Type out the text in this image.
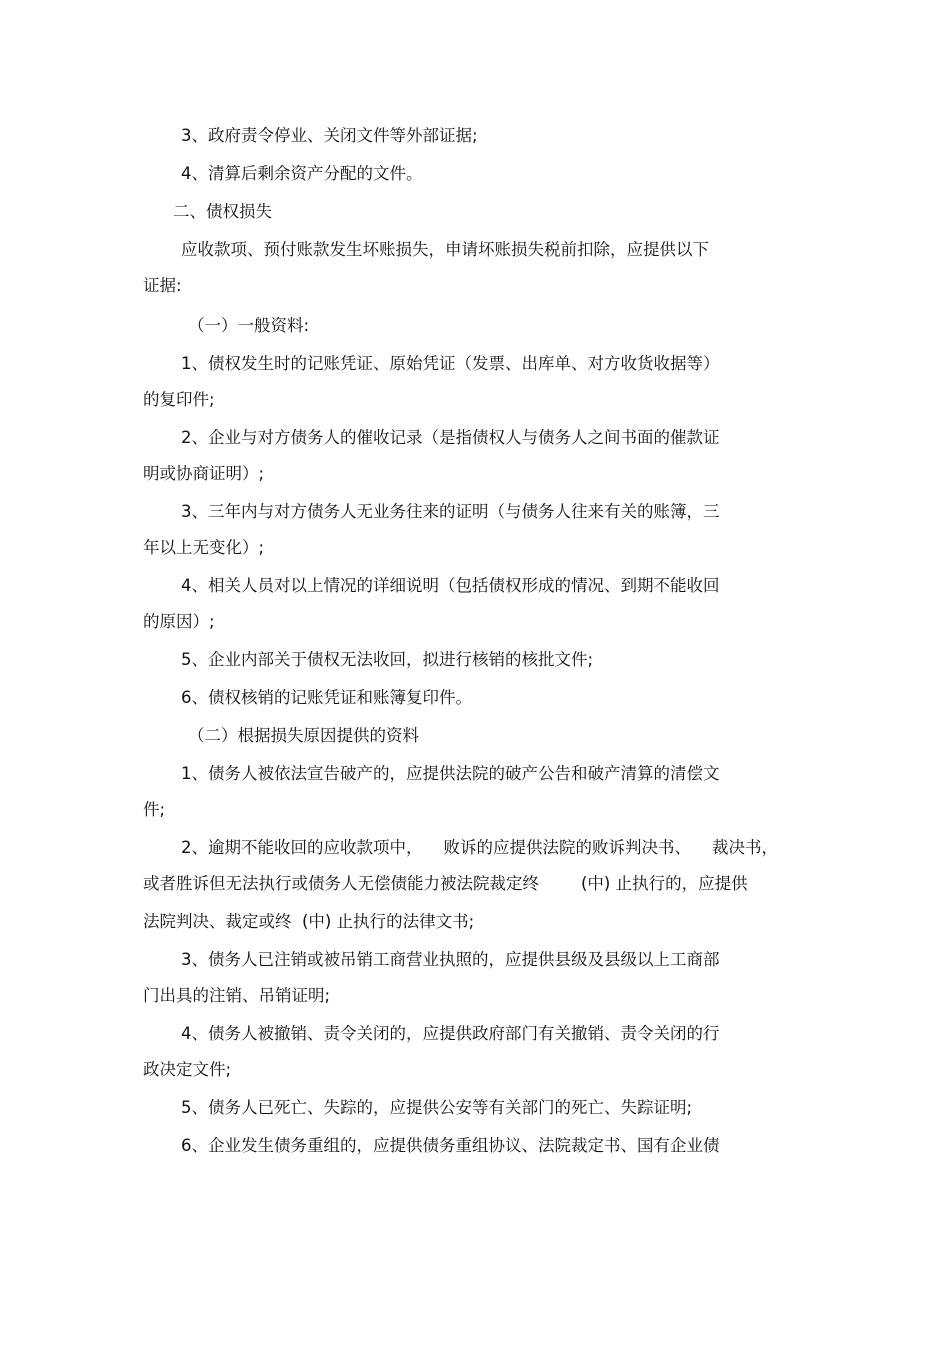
3、政府责令停业、关闭文件等外部证据;

4、清算后剩余资产分配的文件。

二、债权损失

应收款项、预付账款发生坏账损失，申请坏账损失税前扣除，应提供以下

证据:

（一）一般资料:

1、债权发生时的记账凭证、原始凭证（发票、出库单、对方收货收据等）

的复印件;

2、企业与对方债务人的催收记录（是指债权人与债务人之间书面的催款证

明或协商证明）;

3、三年内与对方债务人无业务往来的证明（与债务人往来有关的账簿，三

年以上无变化）;

4、相关人员对以上情况的详细说明（包括债权形成的情况、到期不能收回

的原因）;

5、企业内部关于债权无法收回，拟进行核销的核批文件;

6、债权核销的记账凭证和账簿复印件。

（二）根据损失原因提供的资料

1、债务人被依法宣告破产的，应提供法院的破产公告和破产清算的清偿文

件;

2、逾期不能收回的应收款项中，    败诉的应提供法院的败诉判决书、    裁决书，

或者胜诉但无法执行或债务人无偿债能力被法院裁定终        (中) 止执行的，应提供

法院判决、裁定或终  (中) 止执行的法律文书;

3、债务人已注销或被吊销工商营业执照的，应提供县级及县级以上工商部

门出具的注销、吊销证明;

4、债务人被撤销、责令关闭的，应提供政府部门有关撤销、责令关闭的行

政决定文件;

5、债务人已死亡、失踪的，应提供公安等有关部门的死亡、失踪证明;

6、企业发生债务重组的，应提供债务重组协议、法院裁定书、国有企业债
